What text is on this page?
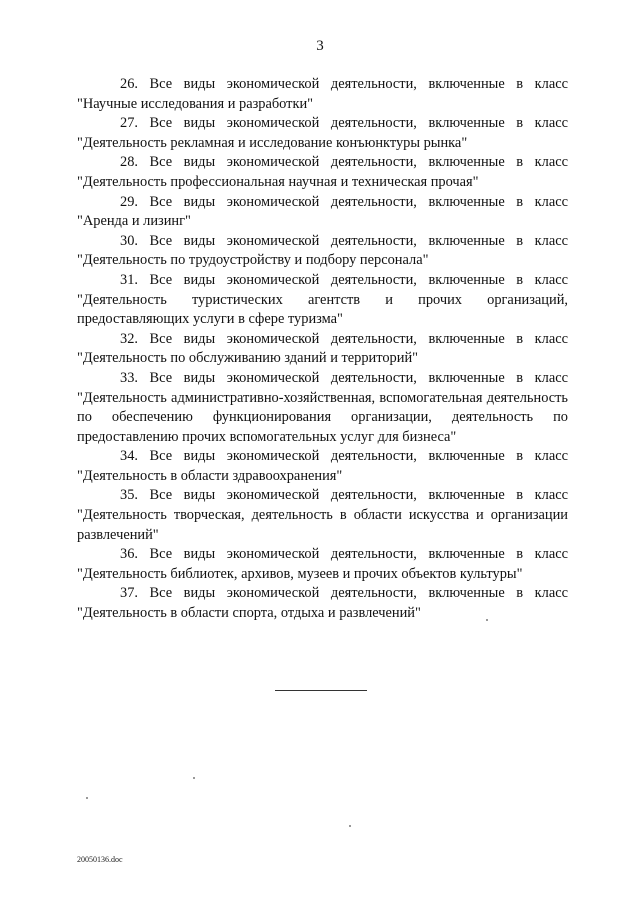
3

26. Все виды экономической деятельности, включенные в класс

"Научные исследования и разработки"

27. Все виды экономической деятельности, включенные в класс

"Деятельность рекламная и исследование конъюнктуры рынка"

28. Все виды экономической деятельности, включенные в класс

"Деятельность профессиональная научная и техническая прочая"

29. Все виды экономической деятельности, включенные в класс

"Аренда и лизинг"

30. Все виды экономической деятельности, включенные в класс

"Деятельность по трудоустройству и подбору персонала"

31. Все виды экономической деятельности, включенные в класс

"Деятельность туристических агентств и прочих организаций, предоставляющих услуги в сфере туризма"

32. Все виды экономической деятельности, включенные в класс

"Деятельность по обслуживанию зданий и территорий"

33. Все виды экономической деятельности, включенные в класс

"Деятельность административно-хозяйственная, вспомогательная деятельность по обеспечению функционирования организации, деятельность по предоставлению прочих вспомогательных услуг для бизнеса"

34. Все виды экономической деятельности, включенные в класс

"Деятельность в области здравоохранения"

35. Все виды экономической деятельности, включенные в класс

"Деятельность творческая, деятельность в области искусства и организации развлечений"

36. Все виды экономической деятельности, включенные в класс

"Деятельность библиотек, архивов, музеев и прочих объектов культуры"

37. Все виды экономической деятельности, включенные в класс

"Деятельность в области спорта, отдыха и развлечений"

20050136.doc
